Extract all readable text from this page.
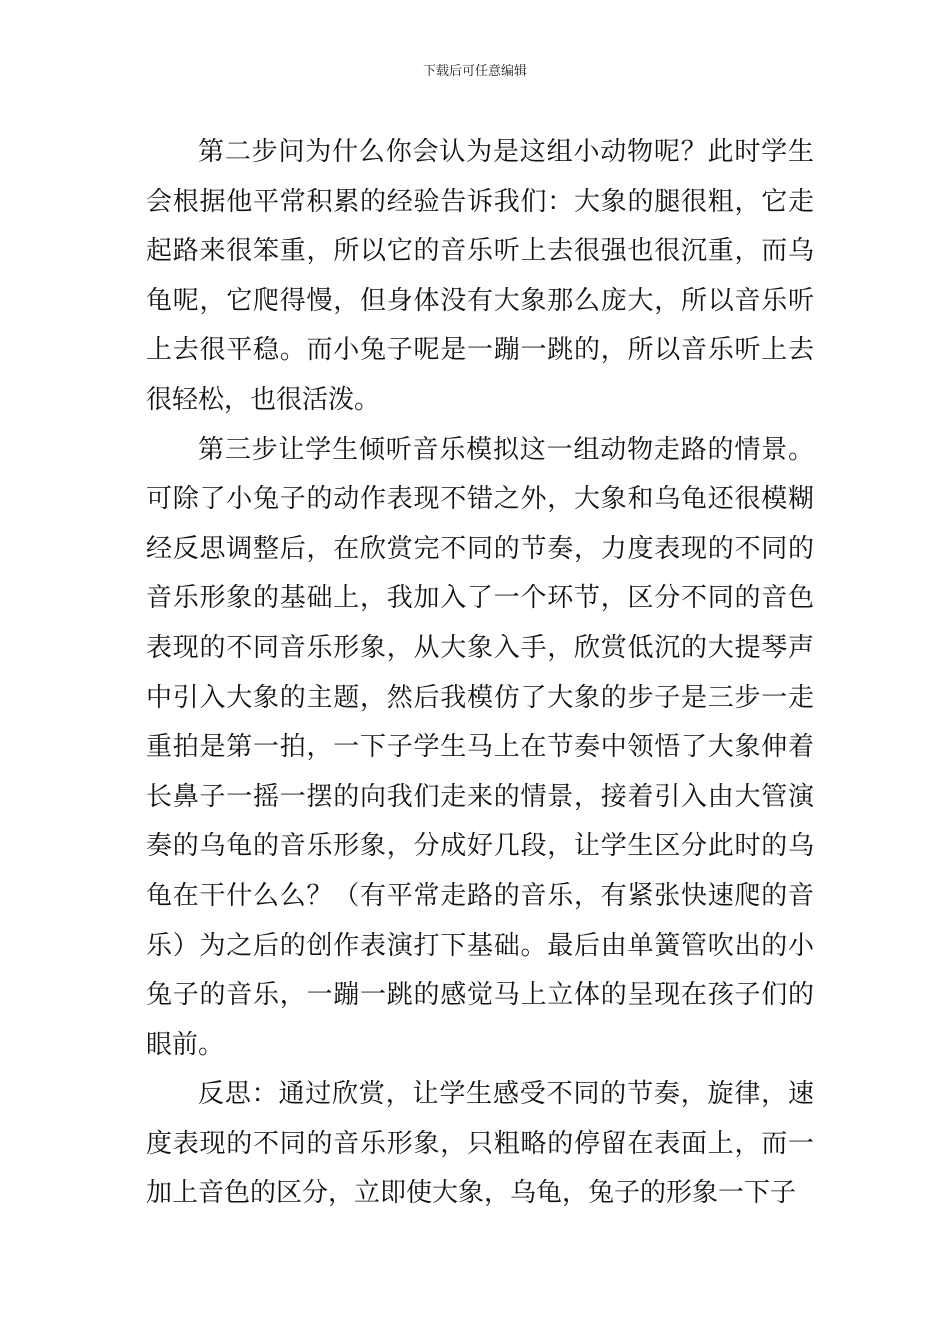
下载后可任意编辑

第二步问为什么你会认为是这组小动物呢？此时学生会根据他平常积累的经验告诉我们：大象的腿很粗，它走起路来很笨重，所以它的音乐听上去很强也很沉重，而乌龟呢，它爬得慢，但身体没有大象那么庞大，所以音乐听上去很平稳。而小兔子呢是一蹦一跳的，所以音乐听上去很轻松，也很活泼。

第三步让学生倾听音乐模拟这一组动物走路的情景。可除了小兔子的动作表现不错之外，大象和乌龟还很模糊经反思调整后，在欣赏完不同的节奏，力度表现的不同的音乐形象的基础上，我加入了一个环节，区分不同的音色表现的不同音乐形象，从大象入手，欣赏低沉的大提琴声中引入大象的主题，然后我模仿了大象的步子是三步一走重拍是第一拍，一下子学生马上在节奏中领悟了大象伸着长鼻子一摇一摆的向我们走来的情景，接着引入由大管演奏的乌龟的音乐形象，分成好几段，让学生区分此时的乌龟在干什么么？（有平常走路的音乐，有紧张快速爬的音乐）为之后的创作表演打下基础。最后由单簧管吹出的小兔子的音乐，一蹦一跳的感觉马上立体的呈现在孩子们的眼前。

反思：通过欣赏，让学生感受不同的节奏，旋律，速度表现的不同的音乐形象，只粗略的停留在表面上，而一加上音色的区分，立即使大象，乌龟，兔子的形象一下子
